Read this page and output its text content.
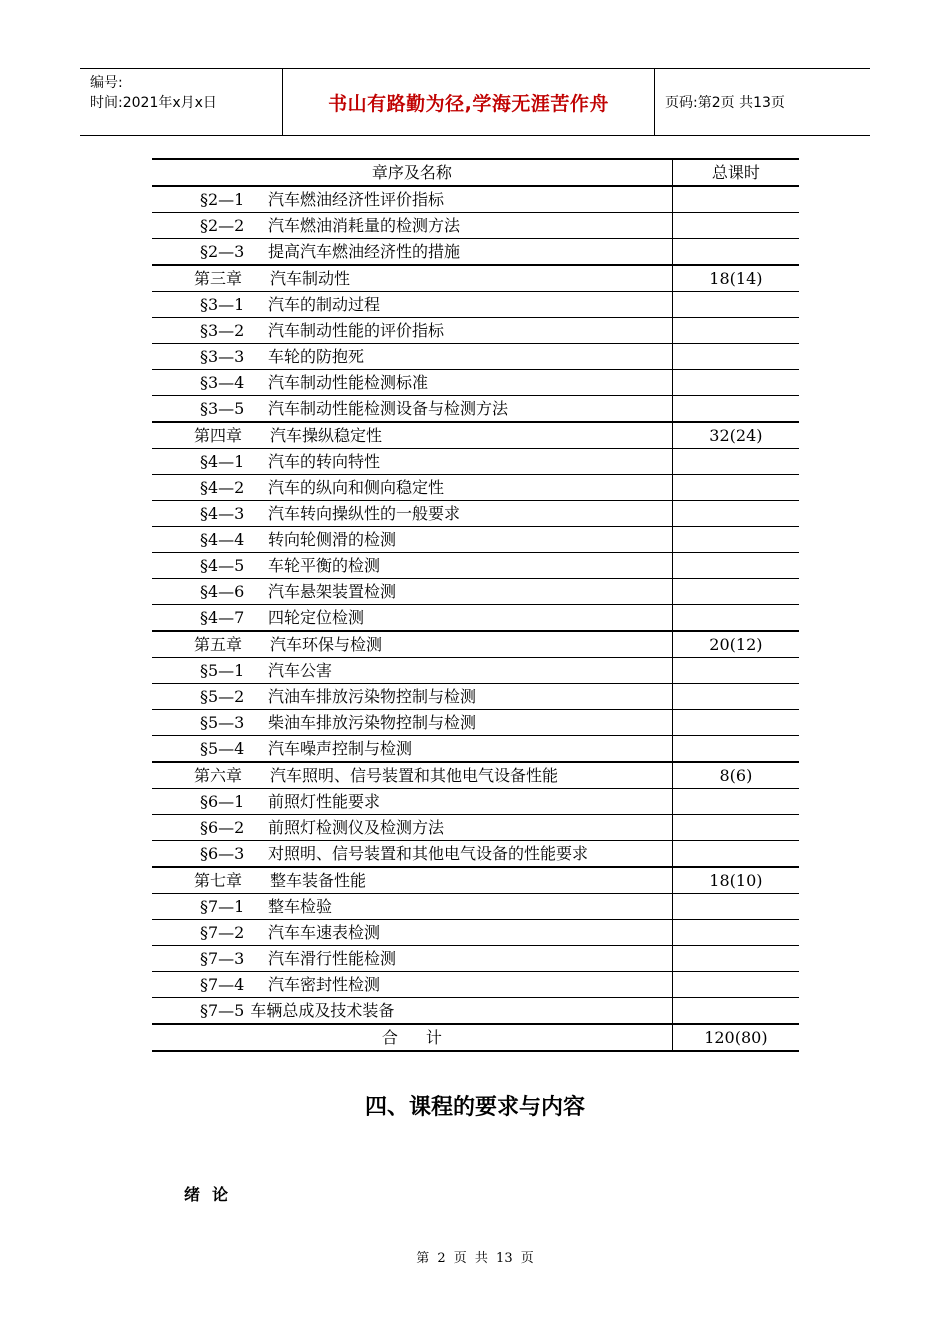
编号:
时间:2021年x月x日	书山有路勤为径,学海无涯苦作舟	页码:第2页 共13页
章序及名称	总课时
§2—1 汽车燃油经济性评价指标	
§2—2 汽车燃油消耗量的检测方法	
§2—3 提高汽车燃油经济性的措施	
第三章 汽车制动性	18(14)
§3—1 汽车的制动过程	
§3—2 汽车制动性能的评价指标	
§3—3 车轮的防抱死	
§3—4 汽车制动性能检测标准	
§3—5 汽车制动性能检测设备与检测方法	
第四章 汽车操纵稳定性	32(24)
§4—1 汽车的转向特性	
§4—2 汽车的纵向和侧向稳定性	
§4—3 汽车转向操纵性的一般要求	
§4—4 转向轮侧滑的检测	
§4—5 车轮平衡的检测	
§4—6 汽车悬架装置检测	
§4—7 四轮定位检测	
第五章 汽车环保与检测	20(12)
§5—1 汽车公害	
§5—2 汽油车排放污染物控制与检测	
§5—3 柴油车排放污染物控制与检测	
§5—4 汽车噪声控制与检测	
第六章 汽车照明、信号装置和其他电气设备性能	8(6)
§6—1 前照灯性能要求	
§6—2 前照灯检测仪及检测方法	
§6—3 对照明、信号装置和其他电气设备的性能要求	
第七章 整车装备性能	18(10)
§7—1 整车检验	
§7—2 汽车车速表检测	
§7—3 汽车滑行性能检测	
§7—4 汽车密封性检测	
§7—5 车辆总成及技术装备	
合计	120(80)
四、课程的要求与内容
绪论
第 2 页 共 13 页
